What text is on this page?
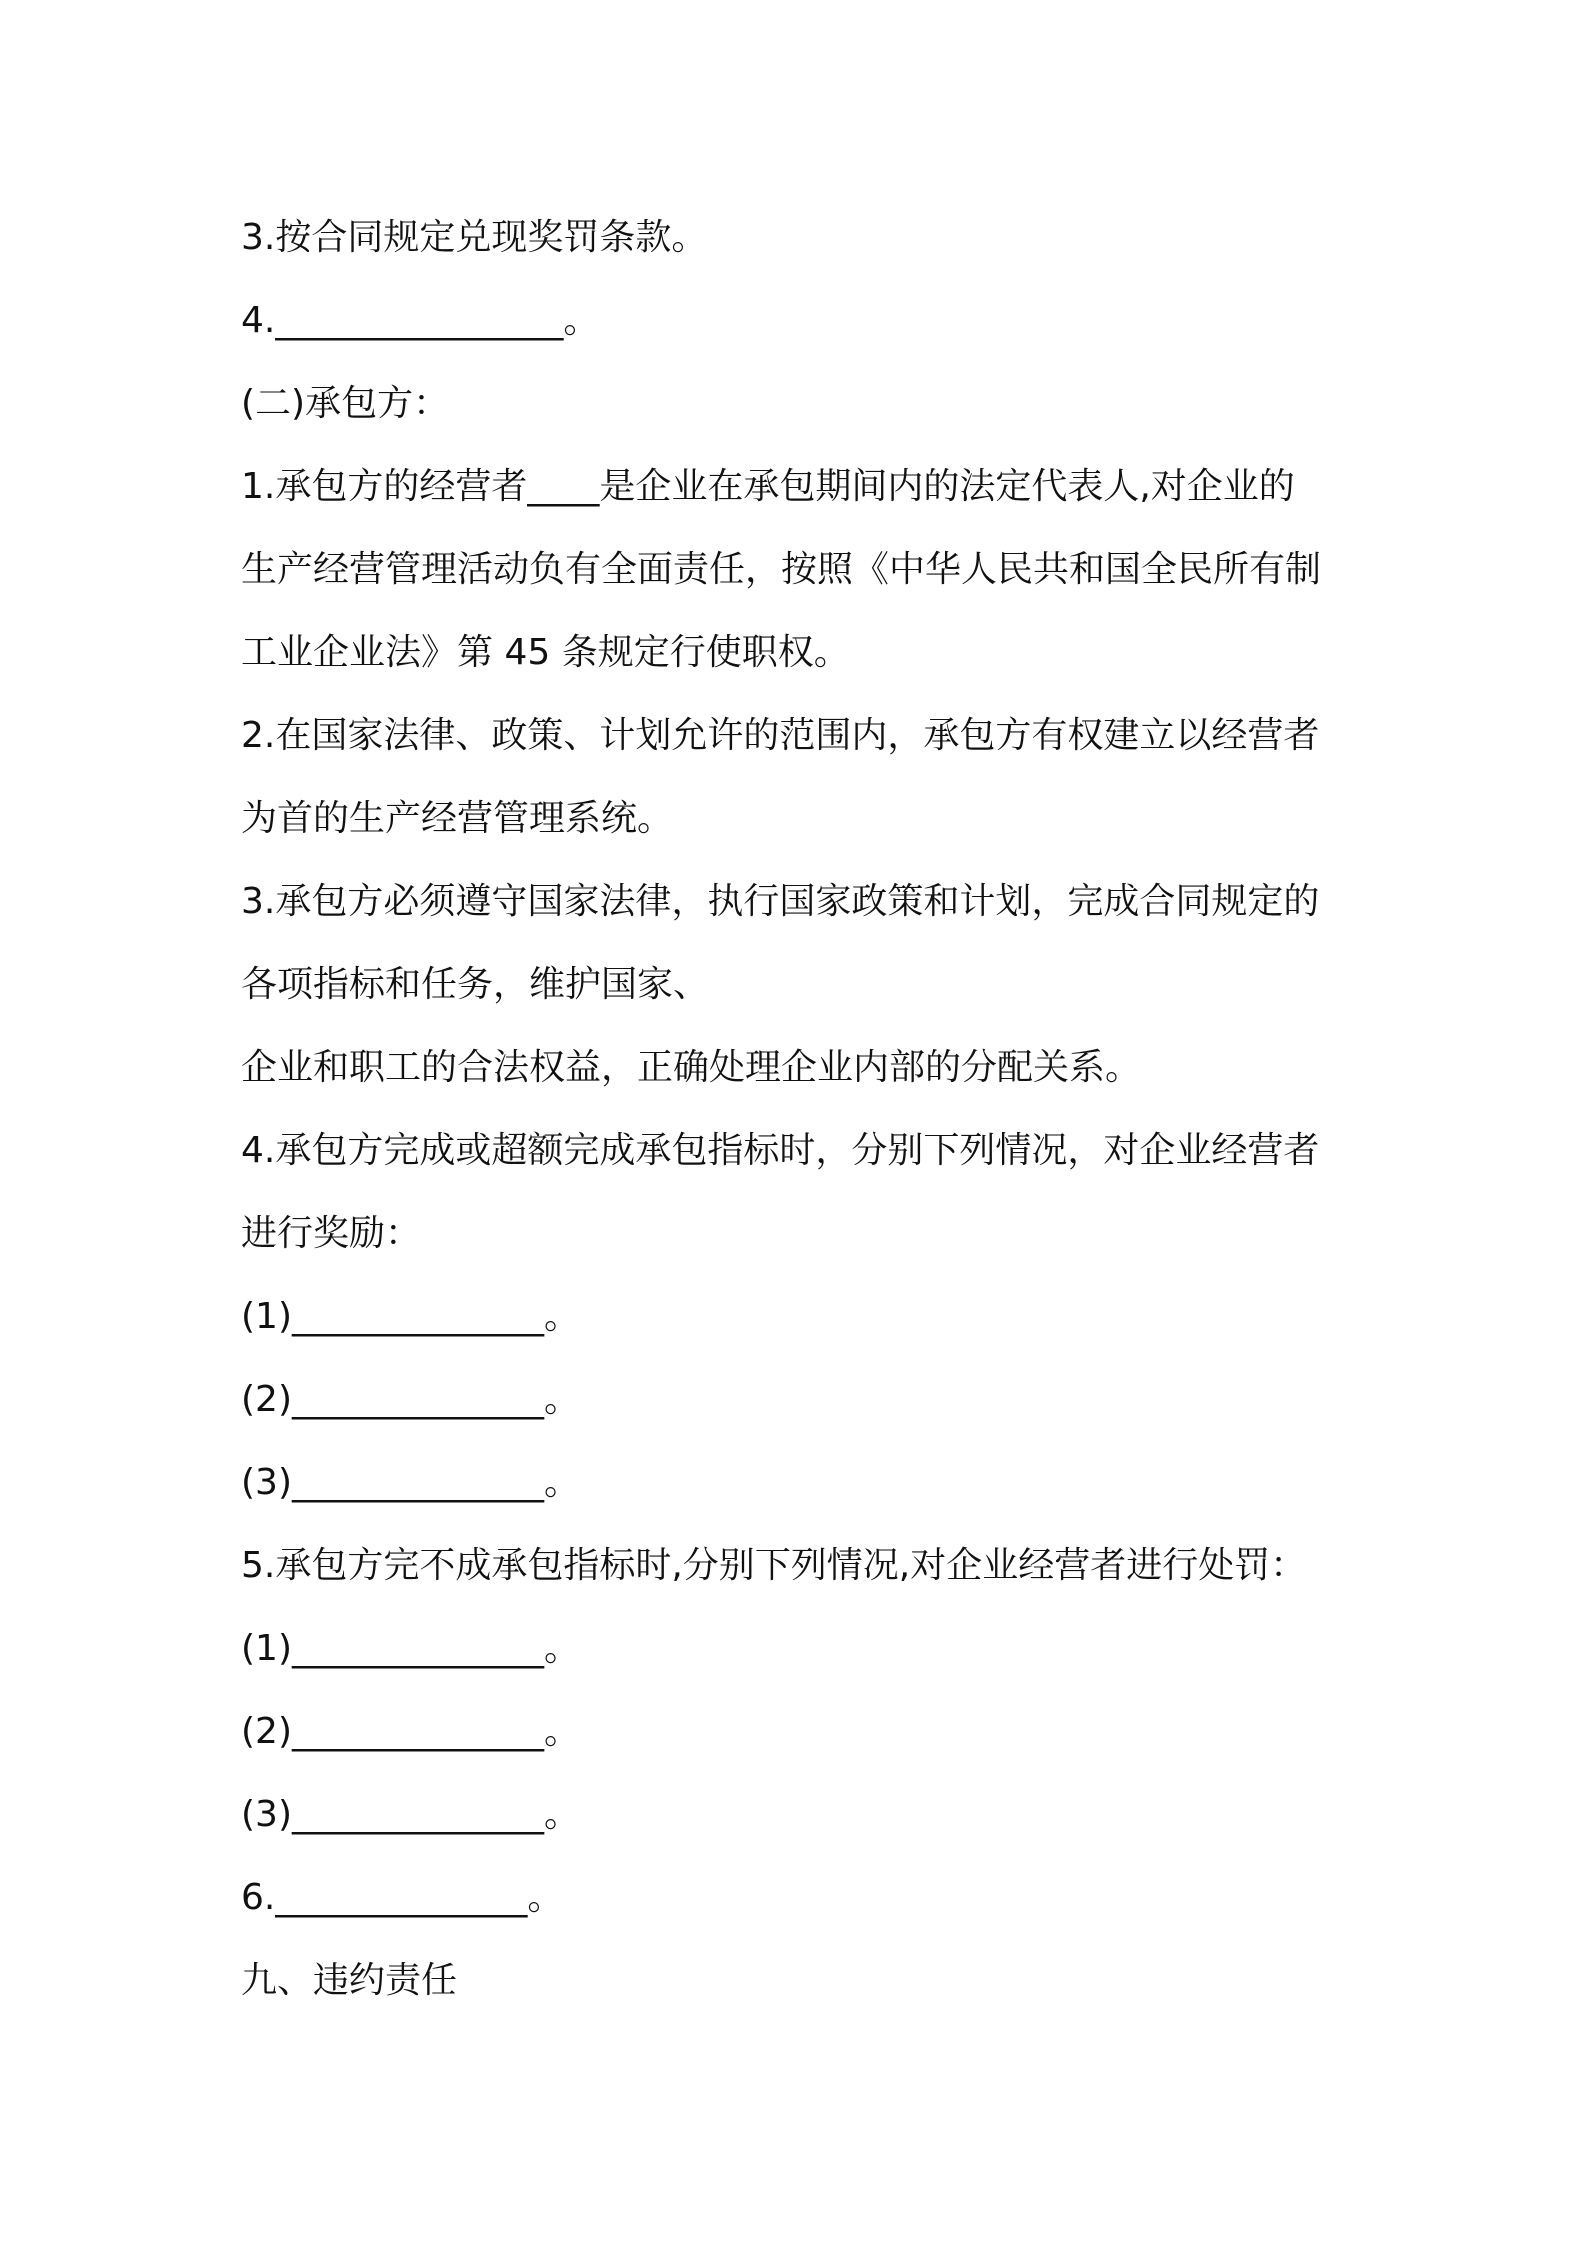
3.按合同规定兑现奖罚条款。
4.________________。
(二)承包方：
1.承包方的经营者____是企业在承包期间内的法定代表人,对企业的
生产经营管理活动负有全面责任，按照《中华人民共和国全民所有制
工业企业法》第 45 条规定行使职权。
2.在国家法律、政策、计划允许的范围内，承包方有权建立以经营者
为首的生产经营管理系统。
3.承包方必须遵守国家法律，执行国家政策和计划，完成合同规定的
各项指标和任务，维护国家、
企业和职工的合法权益，正确处理企业内部的分配关系。
4.承包方完成或超额完成承包指标时，分别下列情况，对企业经营者
进行奖励：
(1)______________。
(2)______________。
(3)______________。
5.承包方完不成承包指标时,分别下列情况,对企业经营者进行处罚：
(1)______________。
(2)______________。
(3)______________。
6.______________。
九、违约责任
